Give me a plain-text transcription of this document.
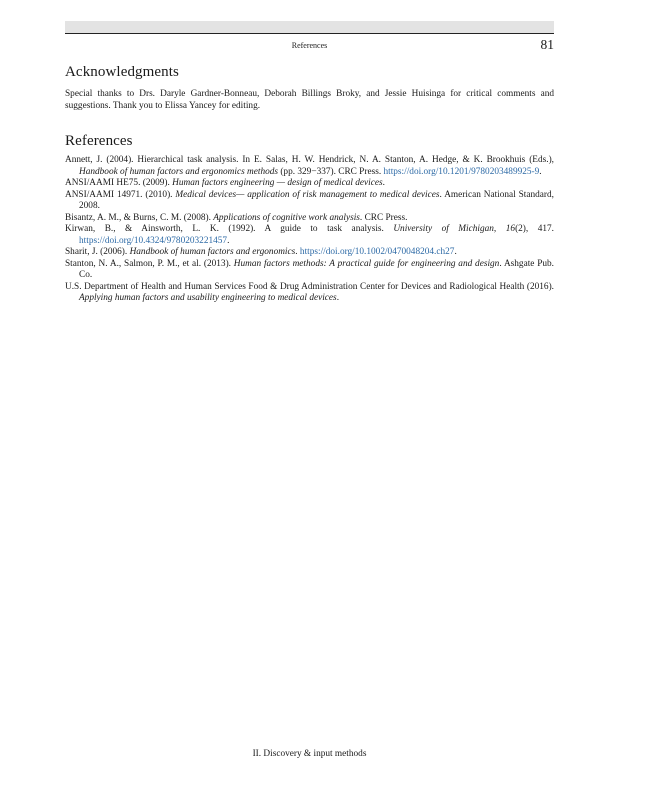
References	81
Acknowledgments

Special thanks to Drs. Daryle Gardner-Bonneau, Deborah Billings Broky, and Jessie Huisinga for critical comments and suggestions. Thank you to Elissa Yancey for editing.

References
Annett, J. (2004). Hierarchical task analysis. In E. Salas, H. W. Hendrick, N. A. Stanton, A. Hedge, & K. Brookhuis (Eds.), Handbook of human factors and ergonomics methods (pp. 329−337). CRC Press. https://doi.org/10.1201/9780203489925-9.
ANSI/AAMI HE75. (2009). Human factors engineering — design of medical devices.
ANSI/AAMI 14971. (2010). Medical devices— application of risk management to medical devices. American National Standard, 2008.
Bisantz, A. M., & Burns, C. M. (2008). Applications of cognitive work analysis. CRC Press.
Kirwan, B., & Ainsworth, L. K. (1992). A guide to task analysis. University of Michigan, 16(2), 417. https://doi.org/10.4324/9780203221457.
Sharit, J. (2006). Handbook of human factors and ergonomics. https://doi.org/10.1002/0470048204.ch27.
Stanton, N. A., Salmon, P. M., et al. (2013). Human factors methods: A practical guide for engineering and design. Ashgate Pub. Co.
U.S. Department of Health and Human Services Food & Drug Administration Center for Devices and Radiological Health (2016). Applying human factors and usability engineering to medical devices.
II. Discovery & input methods
